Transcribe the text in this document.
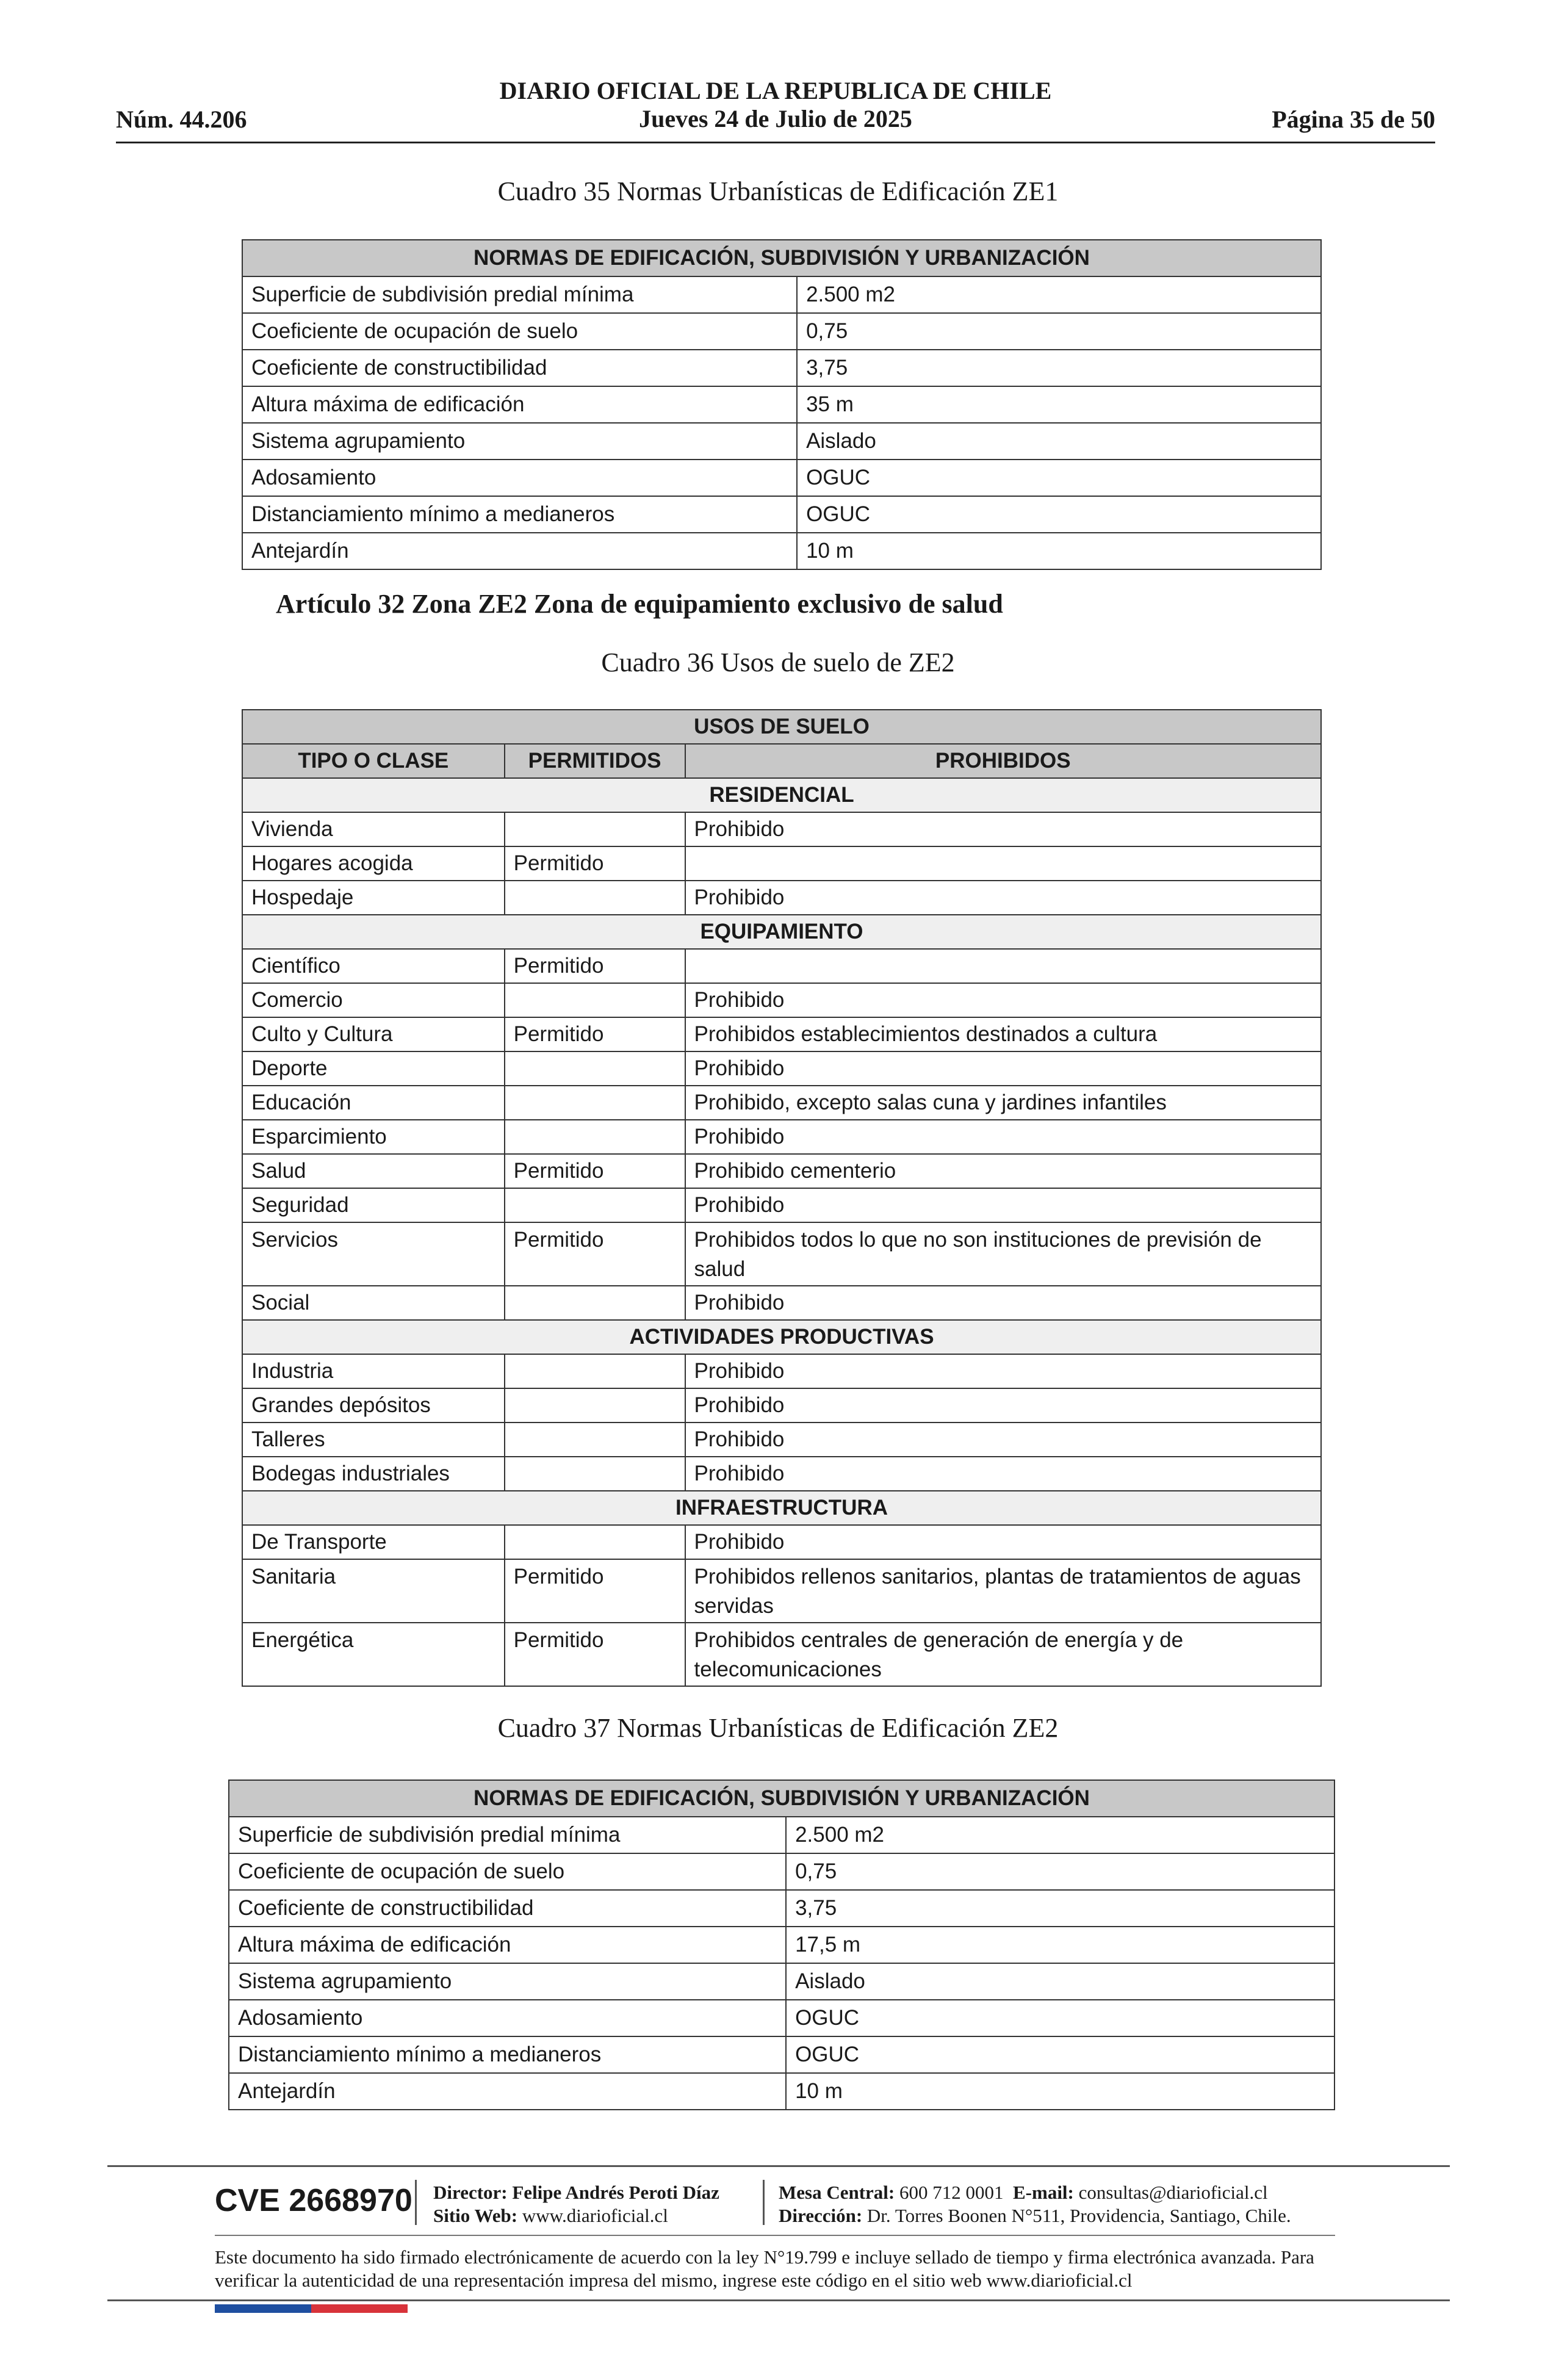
DIARIO OFICIAL DE LA REPUBLICA DE CHILE
Jueves 24 de Julio de 2025
Núm. 44.206	Página 35 de 50
Cuadro 35 Normas Urbanísticas de Edificación ZE1
NORMAS DE EDIFICACIÓN, SUBDIVISIÓN Y URBANIZACIÓN	
Superficie de subdivisión predial mínima	2.500 m2
Coeficiente de ocupación de suelo	0,75
Coeficiente de constructibilidad	3,75
Altura máxima de edificación	35 m
Sistema agrupamiento	Aislado
Adosamiento	OGUC
Distanciamiento mínimo a medianeros	OGUC
Antejardín	10 m
Artículo 32 Zona ZE2 Zona de equipamiento exclusivo de salud
Cuadro 36 Usos de suelo de ZE2
USOS DE SUELO		
TIPO O CLASE	PERMITIDOS	PROHIBIDOS
RESIDENCIAL		
Vivienda		Prohibido
Hogares acogida	Permitido	
Hospedaje		Prohibido
EQUIPAMIENTO		
Científico	Permitido	
Comercio		Prohibido
Culto y Cultura	Permitido	Prohibidos establecimientos destinados a cultura
Deporte		Prohibido
Educación		Prohibido, excepto salas cuna y jardines infantiles
Esparcimiento		Prohibido
Salud	Permitido	Prohibido cementerio
Seguridad		Prohibido
Servicios	Permitido	Prohibidos todos lo que no son instituciones de previsión de salud
Social		Prohibido
ACTIVIDADES PRODUCTIVAS		
Industria		Prohibido
Grandes depósitos		Prohibido
Talleres		Prohibido
Bodegas industriales		Prohibido
INFRAESTRUCTURA		
De Transporte		Prohibido
Sanitaria	Permitido	Prohibidos rellenos sanitarios, plantas de tratamientos de aguas servidas
Energética	Permitido	Prohibidos centrales de generación de energía y de telecomunicaciones
Cuadro 37 Normas Urbanísticas de Edificación ZE2
NORMAS DE EDIFICACIÓN, SUBDIVISIÓN Y URBANIZACIÓN	
Superficie de subdivisión predial mínima	2.500 m2
Coeficiente de ocupación de suelo	0,75
Coeficiente de constructibilidad	3,75
Altura máxima de edificación	17,5 m
Sistema agrupamiento	Aislado
Adosamiento	OGUC
Distanciamiento mínimo a medianeros	OGUC
Antejardín	10 m
CVE 2668970 Director: Felipe Andrés Peroti Díaz
Sitio Web: www.diarioficial.cl
Mesa Central: 600 712 0001 E-mail: consultas@diarioficial.cl
Dirección: Dr. Torres Boonen N°511, Providencia, Santiago, Chile.
Este documento ha sido firmado electrónicamente de acuerdo con la ley N°19.799 e incluye sellado de tiempo y firma electrónica avanzada. Para verificar la autenticidad de una representación impresa del mismo, ingrese este código en el sitio web www.diarioficial.cl
